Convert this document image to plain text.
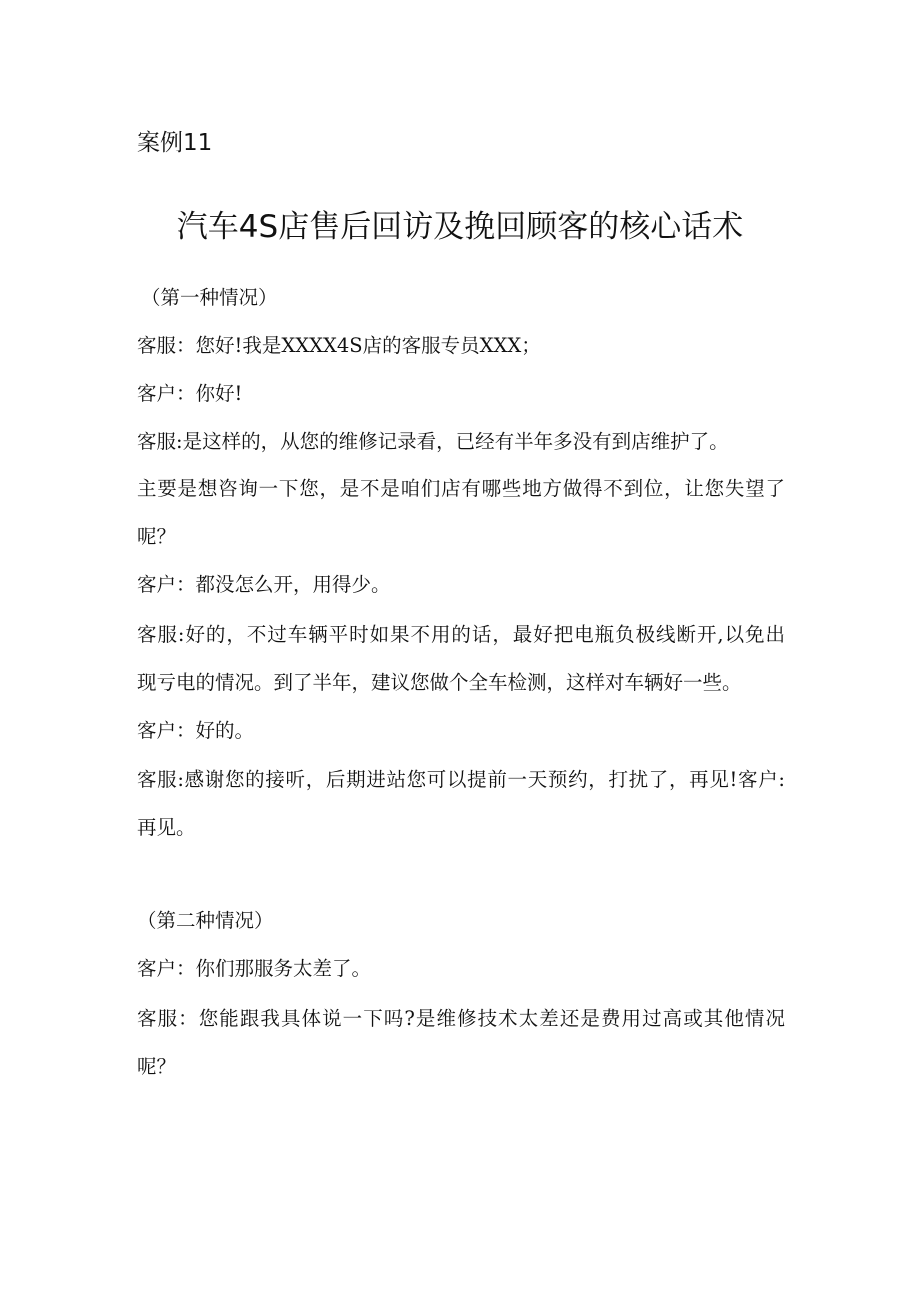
案例11
汽车4S店售后回访及挽回顾客的核心话术
（第一种情况）
客服：您好!我是XXXX4S店的客服专员XXX；
客户：你好!
客服:是这样的，从您的维修记录看，已经有半年多没有到店维护了。
主要是想咨询一下您，是不是咱们店有哪些地方做得不到位，让您失望了
呢？
客户：都没怎么开，用得少。
客服:好的，不过车辆平时如果不用的话，最好把电瓶负极线断开,以免出
现亏电的情况。到了半年，建议您做个全车检测，这样对车辆好一些。
客户：好的。
客服:感谢您的接听，后期进站您可以提前一天预约，打扰了，再见!客户:
再见。
（第二种情况）
客户：你们那服务太差了。
客服：您能跟我具体说一下吗?是维修技术太差还是费用过高或其他情况
呢？
